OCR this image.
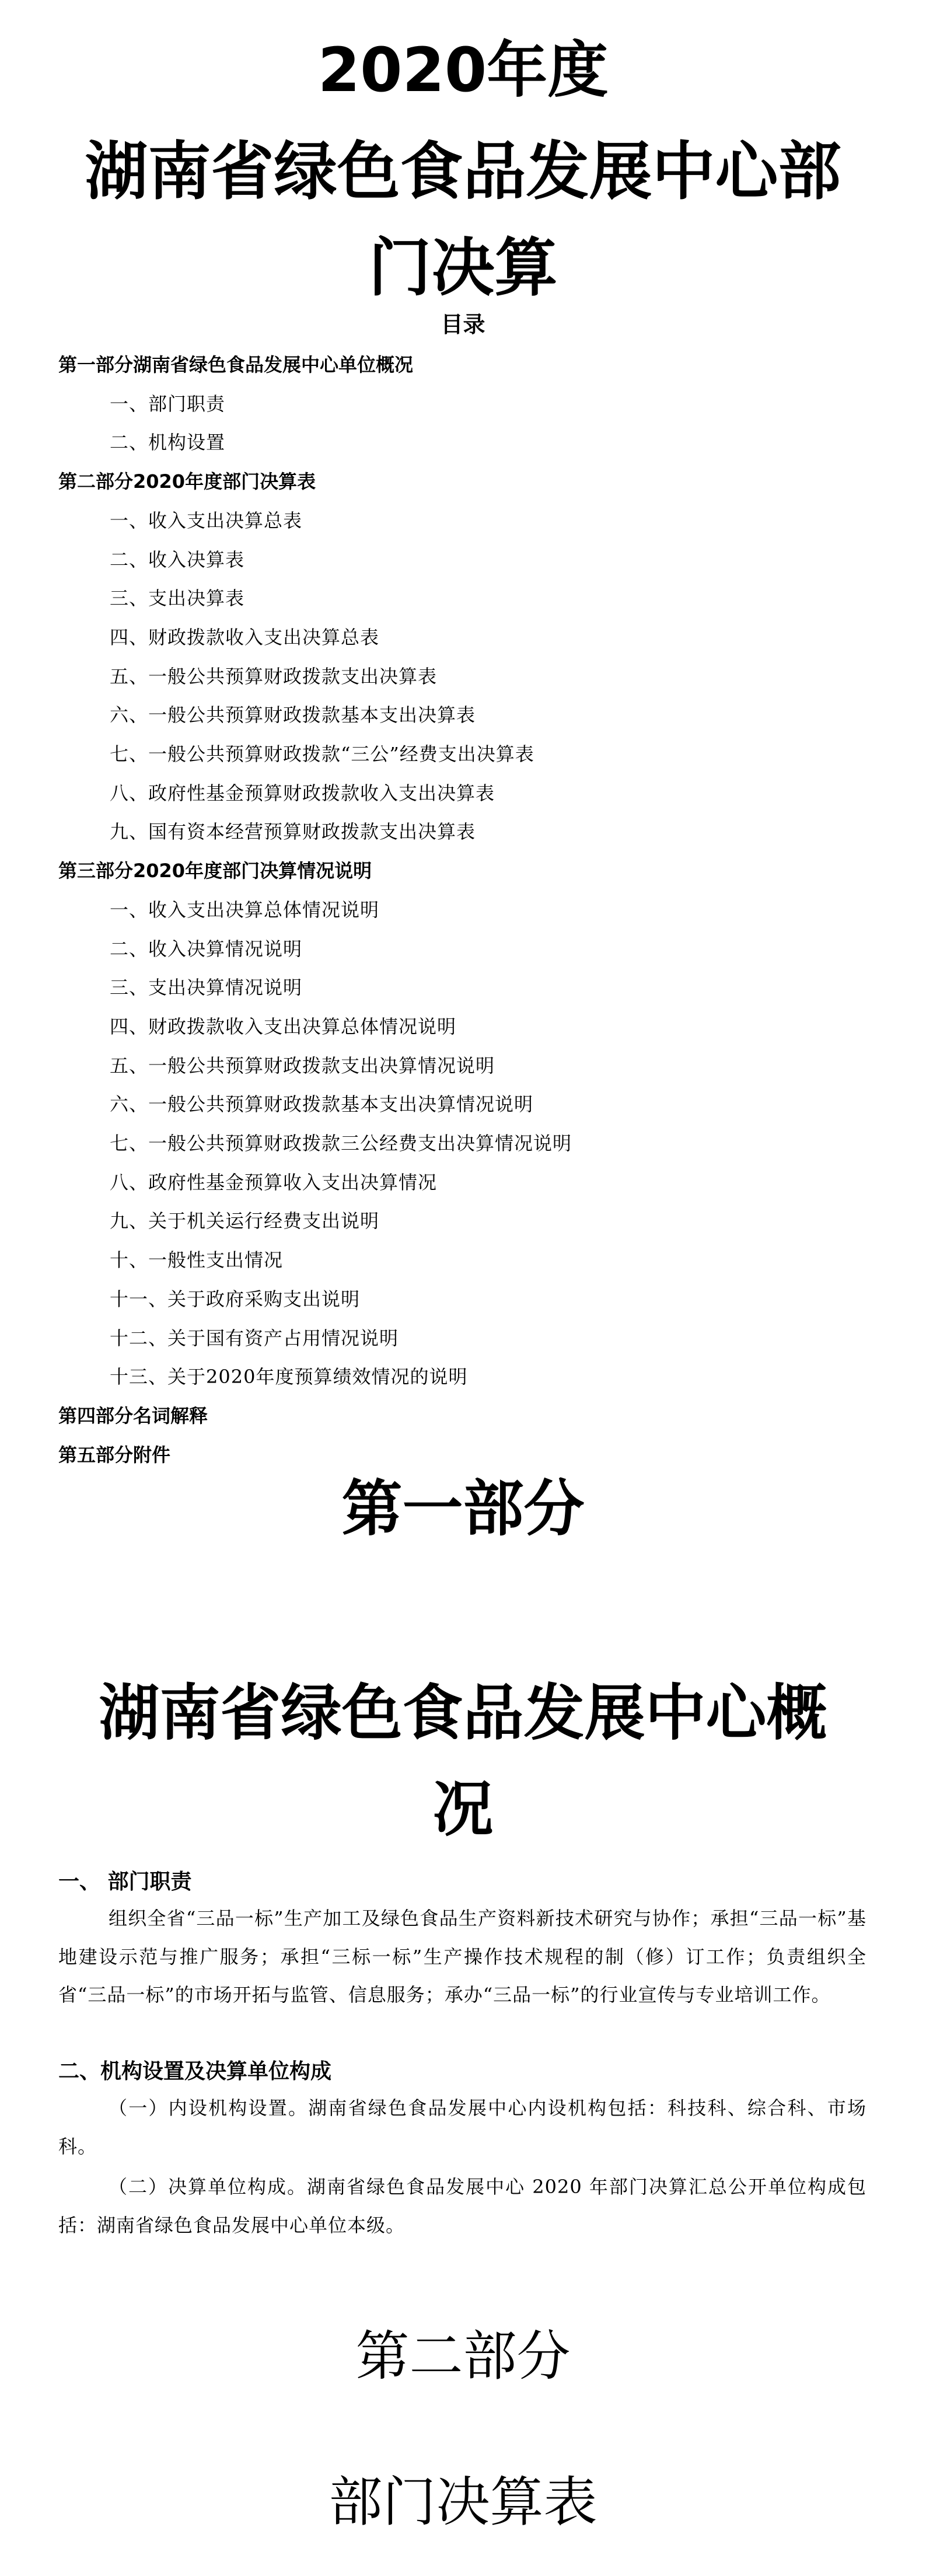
2020年度
湖南省绿色食品发展中心部
门决算
目录
第一部分湖南省绿色食品发展中心单位概况
一、部门职责
二、机构设置
第二部分2020年度部门决算表
一、收入支出决算总表
二、收入决算表
三、支出决算表
四、财政拨款收入支出决算总表
五、一般公共预算财政拨款支出决算表
六、一般公共预算财政拨款基本支出决算表
七、一般公共预算财政拨款“三公”经费支出决算表
八、政府性基金预算财政拨款收入支出决算表
九、国有资本经营预算财政拨款支出决算表
第三部分2020年度部门决算情况说明
一、收入支出决算总体情况说明
二、收入决算情况说明
三、支出决算情况说明
四、财政拨款收入支出决算总体情况说明
五、一般公共预算财政拨款支出决算情况说明
六、一般公共预算财政拨款基本支出决算情况说明
七、一般公共预算财政拨款三公经费支出决算情况说明
八、政府性基金预算收入支出决算情况
九、关于机关运行经费支出说明
十、一般性支出情况
十一、关于政府采购支出说明
十二、关于国有资产占用情况说明
十三、关于2020年度预算绩效情况的说明
第四部分名词解释
第五部分附件
第一部分
湖南省绿色食品发展中心概
况
一、 部门职责
组织全省“三品一标”生产加工及绿色食品生产资料新技术研究与协作；承担“三品一标”基地建设示范与推广服务；承担“三标一标”生产操作技术规程的制（修）订工作；负责组织全省“三品一标”的市场开拓与监管、信息服务；承办“三品一标”的行业宣传与专业培训工作。
二、机构设置及决算单位构成
（一）内设机构设置。湖南省绿色食品发展中心内设机构包括：科技科、综合科、市场科。
（二）决算单位构成。湖南省绿色食品发展中心 2020 年部门决算汇总公开单位构成包括：湖南省绿色食品发展中心单位本级。
第二部分
部门决算表
